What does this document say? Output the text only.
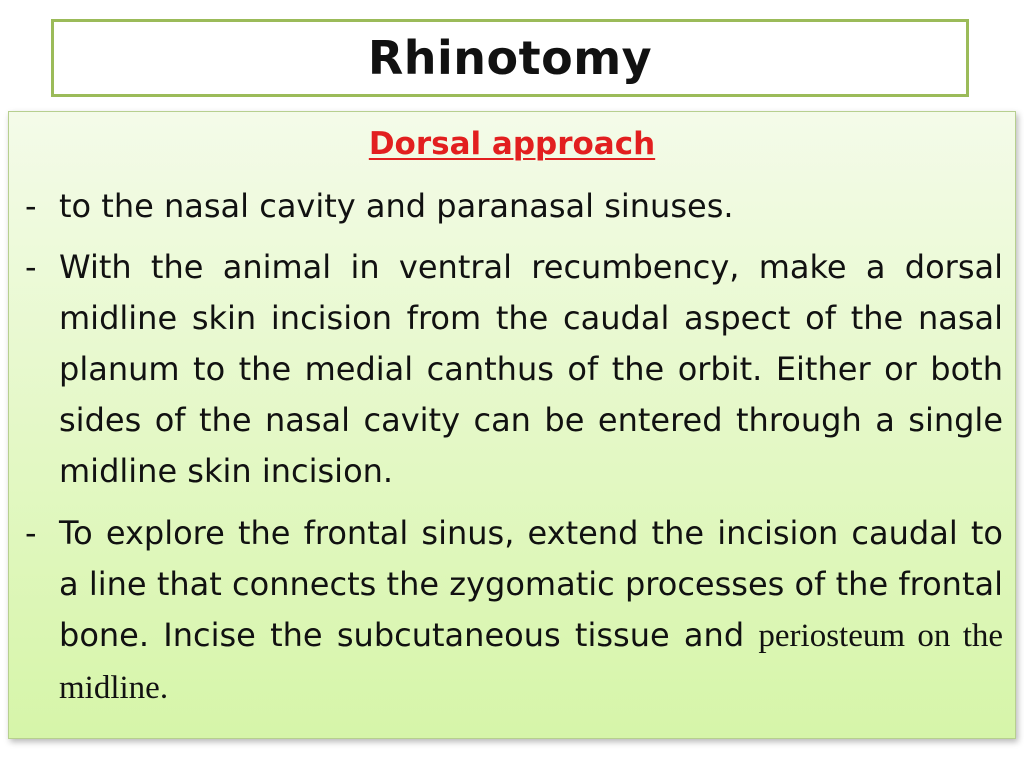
Rhinotomy
Dorsal approach
- to the nasal cavity and paranasal sinuses.
- With the animal in ventral recumbency, make a dorsal midline skin incision from the caudal aspect of the nasal planum to the medial canthus of the orbit. Either or both sides of the nasal cavity can be entered through a single midline skin incision.
- To explore the frontal sinus, extend the incision caudal to a line that connects the zygomatic processes of the frontal bone. Incise the subcutaneous tissue and periosteum on the midline.
